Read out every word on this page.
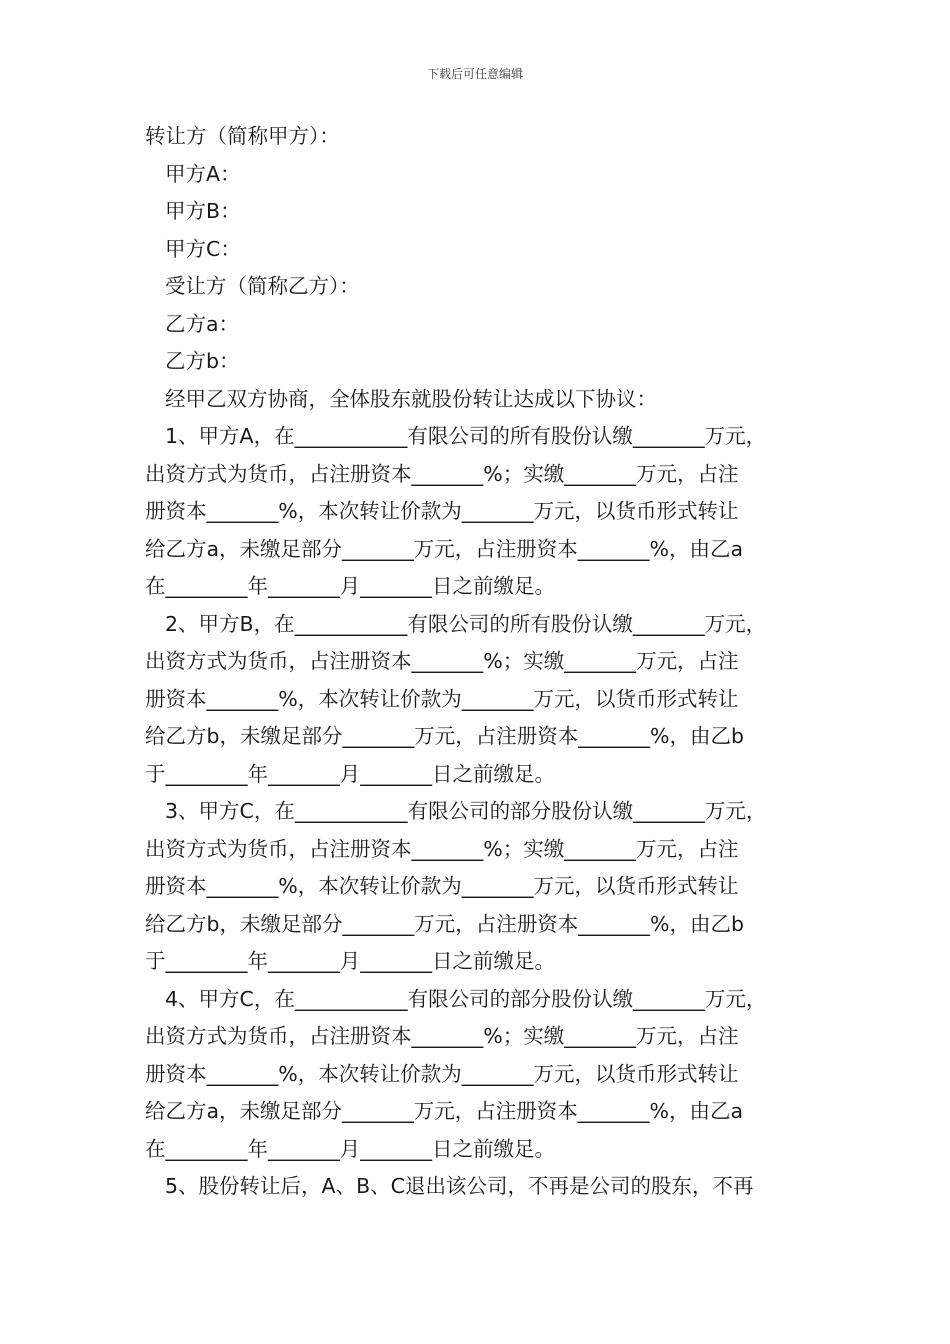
下载后可任意编辑
转让方（简称甲方）：
甲方A：
甲方B：
甲方C：
受让方（简称乙方）：
乙方a：
乙方b：
经甲乙双方协商，全体股东就股份转让达成以下协议：
1、甲方A，在___________有限公司的所有股份认缴_______万元，
出资方式为货币，占注册资本_______%；实缴_______万元，占注
册资本_______%，本次转让价款为_______万元，以货币形式转让
给乙方a，未缴足部分_______万元，占注册资本_______%，由乙a
在________年_______月_______日之前缴足。
2、甲方B，在___________有限公司的所有股份认缴_______万元，
出资方式为货币，占注册资本_______%；实缴_______万元，占注
册资本_______%，本次转让价款为_______万元，以货币形式转让
给乙方b，未缴足部分_______万元，占注册资本_______%，由乙b
于________年_______月_______日之前缴足。
3、甲方C，在___________有限公司的部分股份认缴_______万元，
出资方式为货币，占注册资本_______%；实缴_______万元，占注
册资本_______%，本次转让价款为_______万元，以货币形式转让
给乙方b，未缴足部分_______万元，占注册资本_______%，由乙b
于________年_______月_______日之前缴足。
4、甲方C，在___________有限公司的部分股份认缴_______万元，
出资方式为货币，占注册资本_______%；实缴_______万元，占注
册资本_______%，本次转让价款为_______万元，以货币形式转让
给乙方a，未缴足部分_______万元，占注册资本_______%，由乙a
在________年_______月_______日之前缴足。
5、股份转让后，A、B、C退出该公司，不再是公司的股东，不再
